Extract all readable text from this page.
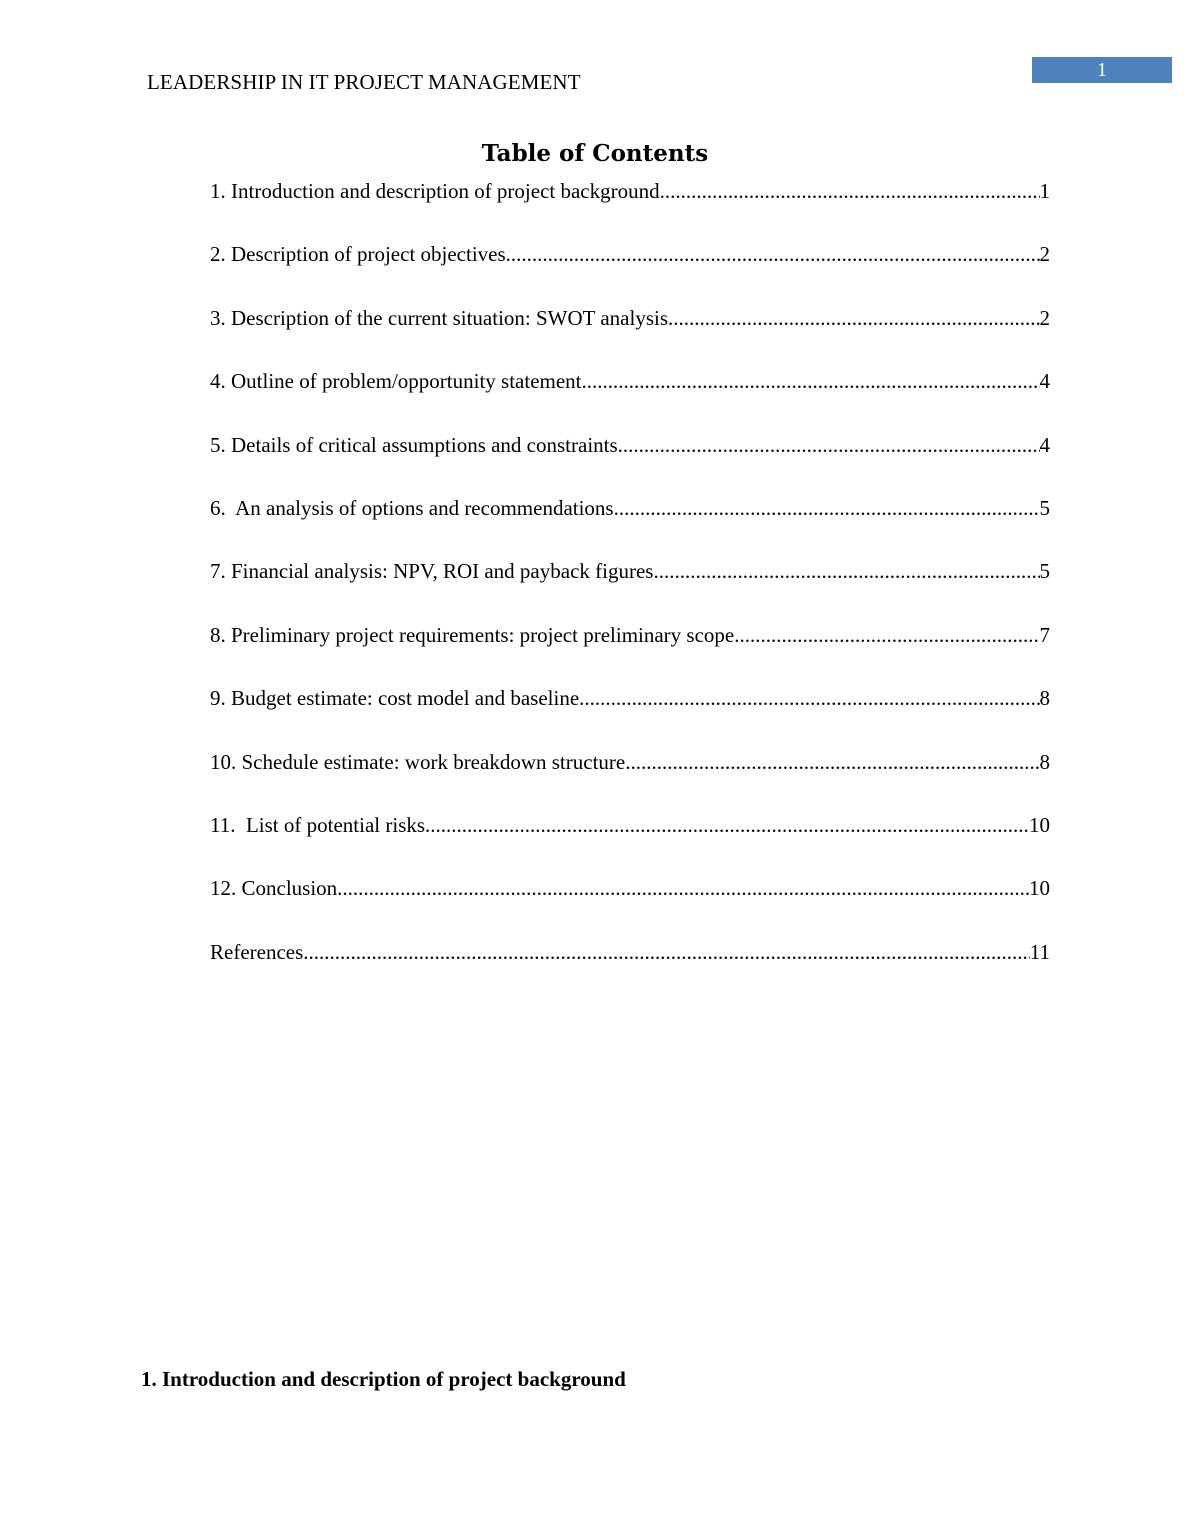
LEADERSHIP IN IT PROJECT MANAGEMENT	1
Table of Contents
1. Introduction and description of project background .....	1
2. Description of project objectives .....	2
3. Description of the current situation: SWOT analysis .....	2
4. Outline of problem/opportunity statement .....	4
5. Details of critical assumptions and constraints .....	4
6.  An analysis of options and recommendations .....	5
7. Financial analysis: NPV, ROI and payback figures .....	5
8. Preliminary project requirements: project preliminary scope .....	7
9. Budget estimate: cost model and baseline .....	8
10. Schedule estimate: work breakdown structure .....	8
11.  List of potential risks .....	10
12. Conclusion .....	10
References .....	11
1. Introduction and description of project background
